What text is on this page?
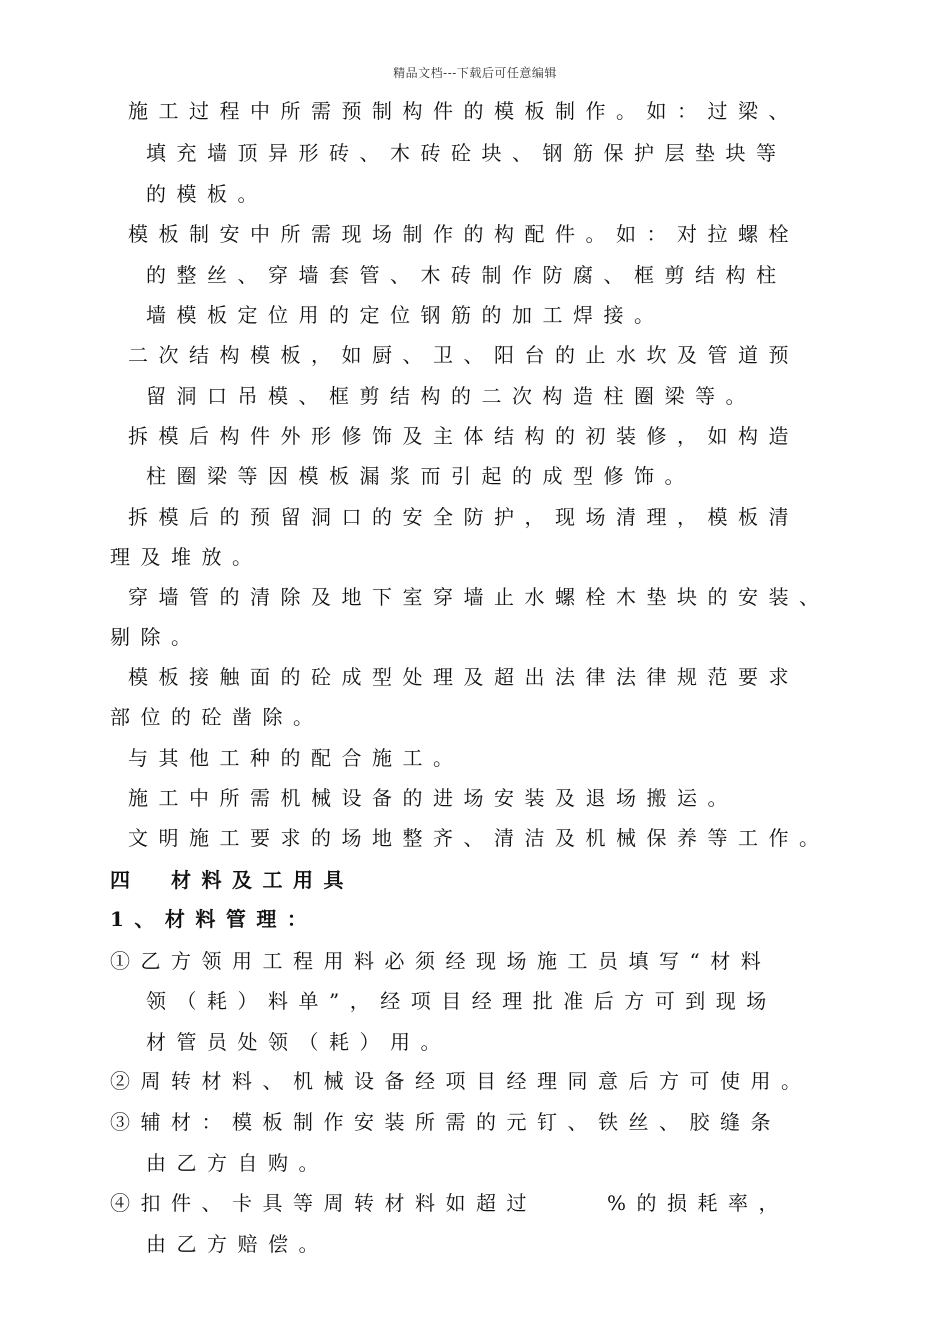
精品文档---下载后可任意编辑
施工过程中所需预制构件的模板制作。如：过梁、
填充墙顶异形砖、木砖砼块、钢筋保护层垫块等
的模板。
模板制安中所需现场制作的构配件。如：对拉螺栓
的整丝、穿墙套管、木砖制作防腐、框剪结构柱
墙模板定位用的定位钢筋的加工焊接。
二次结构模板，如厨、卫、阳台的止水坎及管道预
留洞口吊模、框剪结构的二次构造柱圈梁等。
拆模后构件外形修饰及主体结构的初装修，如构造
柱圈梁等因模板漏浆而引起的成型修饰。
拆模后的预留洞口的安全防护，现场清理，模板清
理及堆放。
穿墙管的清除及地下室穿墙止水螺栓木垫块的安装、
剔除。
模板接触面的砼成型处理及超出法律法律规范要求
部位的砼凿除。
与其他工种的配合施工。
施工中所需机械设备的进场安装及退场搬运。
文明施工要求的场地整齐、清洁及机械保养等工作。
四　材料及工用具
1、材料管理：
①乙方领用工程用料必须经现场施工员填写“材料
领（耗）料单”，经项目经理批准后方可到现场
材管员处领（耗）用。
②周转材料、机械设备经项目经理同意后方可使用。
③辅材：模板制作安装所需的元钉、铁丝、胶缝条
由乙方自购。
④扣件、卡具等周转材料如超过	%的损耗率，
由乙方赔偿。
